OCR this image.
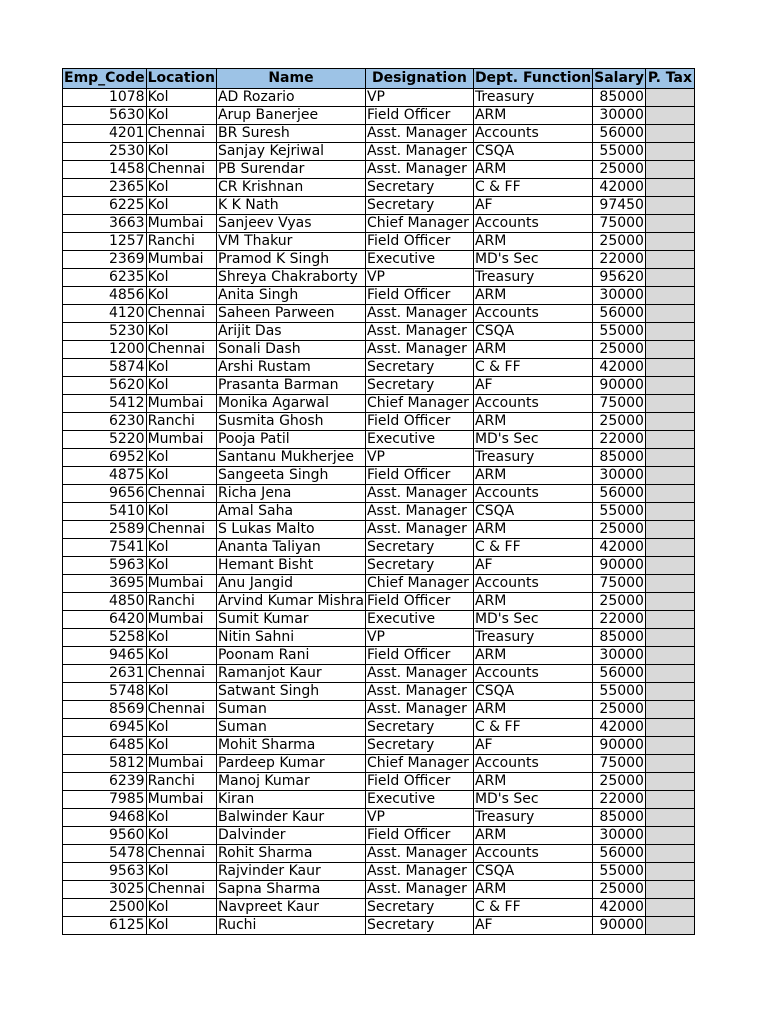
Emp_Code	Location	Name	Designation	Dept. Function	Salary	P. Tax
1078	Kol	AD Rozario	VP	Treasury	85000	
5630	Kol	Arup Banerjee	Field Officer	ARM	30000	
4201	Chennai	BR Suresh	Asst. Manager	Accounts	56000	
2530	Kol	Sanjay Kejriwal	Asst. Manager	CSQA	55000	
1458	Chennai	PB Surendar	Asst. Manager	ARM	25000	
2365	Kol	CR Krishnan	Secretary	C & FF	42000	
6225	Kol	K K Nath	Secretary	AF	97450	
3663	Mumbai	Sanjeev Vyas	Chief Manager	Accounts	75000	
1257	Ranchi	VM Thakur	Field Officer	ARM	25000	
2369	Mumbai	Pramod K Singh	Executive	MD's Sec	22000	
6235	Kol	Shreya Chakraborty	VP	Treasury	95620	
4856	Kol	Anita Singh	Field Officer	ARM	30000	
4120	Chennai	Saheen Parween	Asst. Manager	Accounts	56000	
5230	Kol	Arijit Das	Asst. Manager	CSQA	55000	
1200	Chennai	Sonali Dash	Asst. Manager	ARM	25000	
5874	Kol	Arshi Rustam	Secretary	C & FF	42000	
5620	Kol	Prasanta Barman	Secretary	AF	90000	
5412	Mumbai	Monika Agarwal	Chief Manager	Accounts	75000	
6230	Ranchi	Susmita Ghosh	Field Officer	ARM	25000	
5220	Mumbai	Pooja Patil	Executive	MD's Sec	22000	
6952	Kol	Santanu Mukherjee	VP	Treasury	85000	
4875	Kol	Sangeeta Singh	Field Officer	ARM	30000	
9656	Chennai	Richa Jena	Asst. Manager	Accounts	56000	
5410	Kol	Amal Saha	Asst. Manager	CSQA	55000	
2589	Chennai	S Lukas Malto	Asst. Manager	ARM	25000	
7541	Kol	Ananta Taliyan	Secretary	C & FF	42000	
5963	Kol	Hemant Bisht	Secretary	AF	90000	
3695	Mumbai	Anu Jangid	Chief Manager	Accounts	75000	
4850	Ranchi	Arvind Kumar Mishra	Field Officer	ARM	25000	
6420	Mumbai	Sumit Kumar	Executive	MD's Sec	22000	
5258	Kol	Nitin Sahni	VP	Treasury	85000	
9465	Kol	Poonam Rani	Field Officer	ARM	30000	
2631	Chennai	Ramanjot Kaur	Asst. Manager	Accounts	56000	
5748	Kol	Satwant Singh	Asst. Manager	CSQA	55000	
8569	Chennai	Suman	Asst. Manager	ARM	25000	
6945	Kol	Suman	Secretary	C & FF	42000	
6485	Kol	Mohit Sharma	Secretary	AF	90000	
5812	Mumbai	Pardeep Kumar	Chief Manager	Accounts	75000	
6239	Ranchi	Manoj Kumar	Field Officer	ARM	25000	
7985	Mumbai	Kiran	Executive	MD's Sec	22000	
9468	Kol	Balwinder Kaur	VP	Treasury	85000	
9560	Kol	Dalvinder	Field Officer	ARM	30000	
5478	Chennai	Rohit Sharma	Asst. Manager	Accounts	56000	
9563	Kol	Rajvinder Kaur	Asst. Manager	CSQA	55000	
3025	Chennai	Sapna Sharma	Asst. Manager	ARM	25000	
2500	Kol	Navpreet Kaur	Secretary	C & FF	42000	
6125	Kol	Ruchi	Secretary	AF	90000	
